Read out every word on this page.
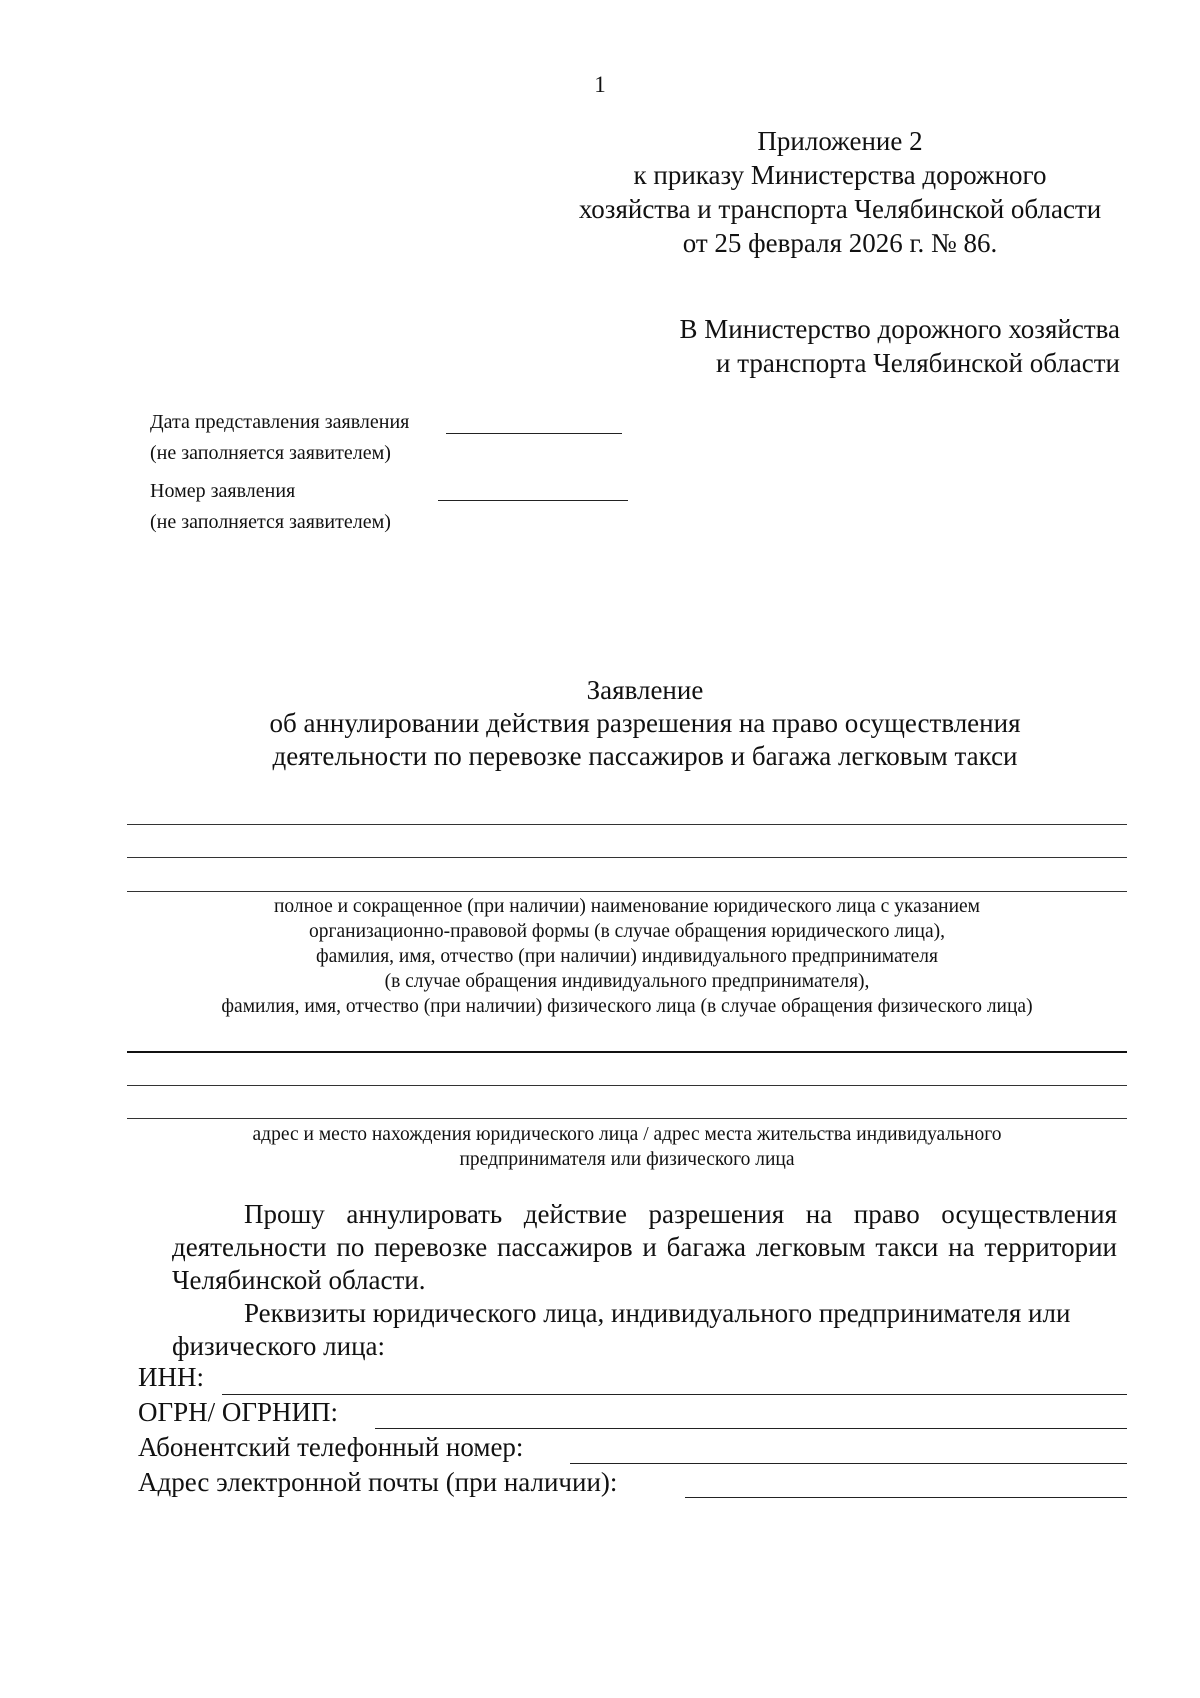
1
Приложение 2
к приказу Министерства дорожного
хозяйства и транспорта Челябинской области
от 25 февраля 2026 г. № 86.
В Министерство дорожного хозяйства
и транспорта Челябинской области
Дата представления заявления
(не заполняется заявителем)
Номер заявления
(не заполняется заявителем)
Заявление
об аннулировании действия разрешения на право осуществления
деятельности по перевозке пассажиров и багажа легковым такси
полное и сокращенное (при наличии) наименование юридического лица с указанием
организационно-правовой формы (в случае обращения юридического лица),
фамилия, имя, отчество (при наличии) индивидуального предпринимателя
(в случае обращения индивидуального предпринимателя),
фамилия, имя, отчество (при наличии) физического лица (в случае обращения физического лица)
адрес и место нахождения юридического лица / адрес места жительства индивидуального
предпринимателя или физического лица

Прошу аннулировать действие разрешения на право осуществления деятельности по перевозке пассажиров и багажа легковым такси на территории Челябинской области.

Реквизиты юридического лица, индивидуального предпринимателя или физического лица:

ИНН:
ОГРН/ ОГРНИП:
Абонентский телефонный номер:
Адрес электронной почты (при наличии):
